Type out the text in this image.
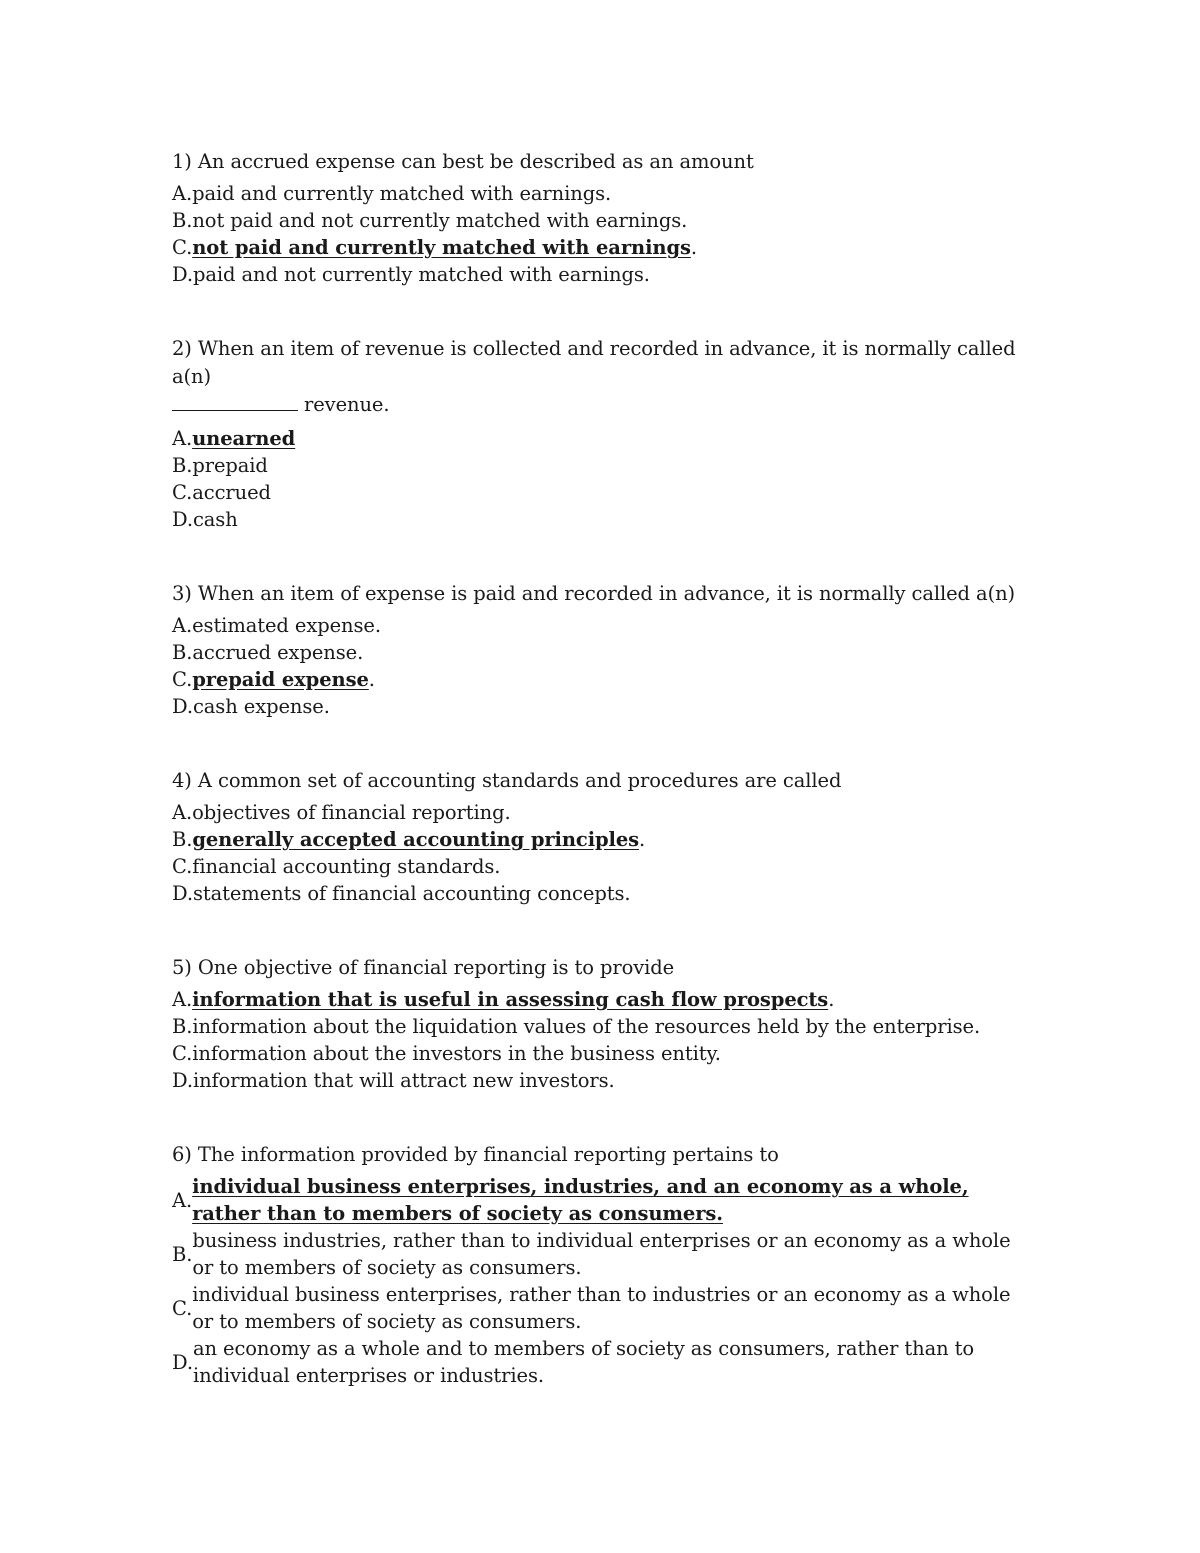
1) An accrued expense can best be described as an amount

A. paid and currently matched with earnings.
B. not paid and not currently matched with earnings.
C. not paid and currently matched with earnings.
D. paid and not currently matched with earnings.

2) When an item of revenue is collected and recorded in advance, it is normally called a(n)
revenue.

A. unearned
B. prepaid
C. accrued
D. cash

3) When an item of expense is paid and recorded in advance, it is normally called a(n)

A. estimated expense.
B. accrued expense.
C. prepaid expense.
D. cash expense.

4) A common set of accounting standards and procedures are called

A. objectives of financial reporting.
B. generally accepted accounting principles.
C. financial accounting standards.
D. statements of financial accounting concepts.

5) One objective of financial reporting is to provide

A. information that is useful in assessing cash flow prospects.
B. information about the liquidation values of the resources held by the enterprise.
C. information about the investors in the business entity.
D. information that will attract new investors.

6) The information provided by financial reporting pertains to

A.
individual business enterprises, industries, and an economy as a whole, rather than to members of society as consumers.
B.
business industries, rather than to individual enterprises or an economy as a whole or to members of society as consumers.
C.
individual business enterprises, rather than to industries or an economy as a whole or to members of society as consumers.
D.
an economy as a whole and to members of society as consumers, rather than to individual enterprises or industries.
